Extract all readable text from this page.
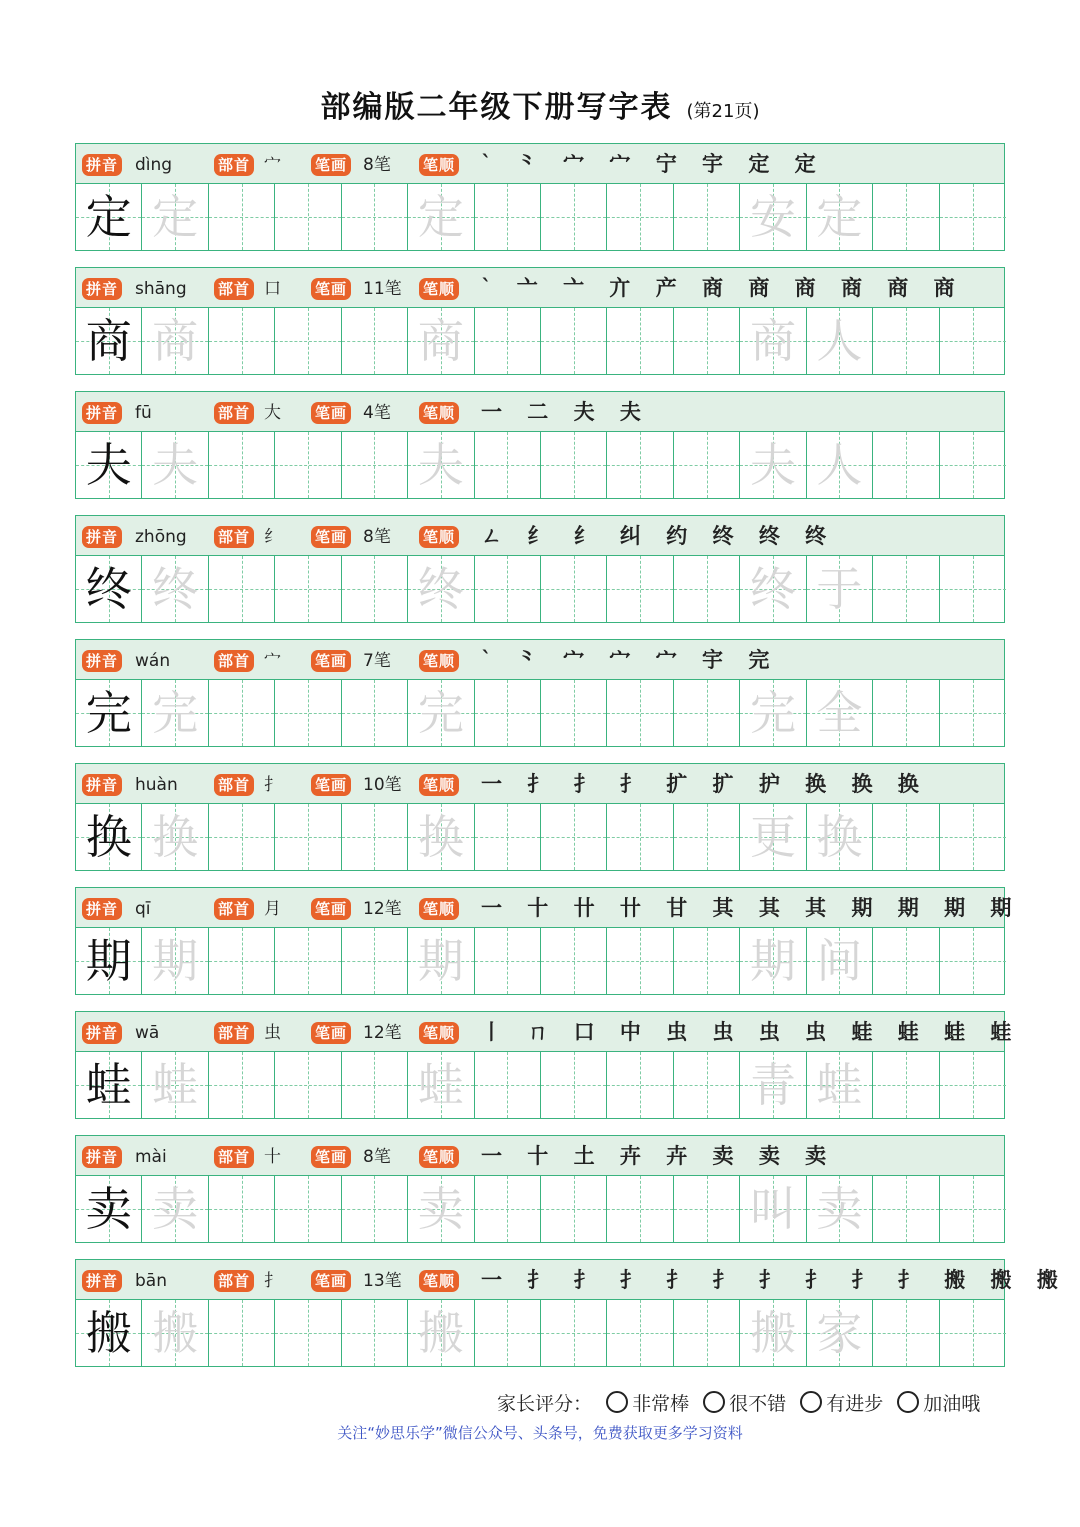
部编版二年级下册写字表 (第21页)
拼音 dìng	部首 宀 笔画 8笔 笔顺 ` ⺀ 宀 宀 宁 宇 定 定
定 定	定	安 定
拼音 shāng 部首 口 笔画 11笔 笔顺 ` 亠 亠 亣 产 商 商 商 商 商 商
商 商	商	商 人
拼音 fū	部首 大 笔画 4笔 笔顺 一 二 夫 夫
夫 夫	夫	夫 人
拼音 zhōng 部首 纟 笔画 8笔 笔顺 ㄥ 纟 纟 纠 约 终 终 终
终 终	终	终 于
拼音 wán	部首 宀 笔画 7笔 笔顺 ` ⺀ 宀 宀 宀 宇 完
完 完	完	完 全
拼音 huàn	部首 扌 笔画 10笔 笔顺 一 扌 扌 扌 扩 扩 护 换 换 换
换 换	换	更 换
拼音 qī	部首 月 笔画 12笔 笔顺 一 十 卄 卄 甘 其 其 其 期 期 期 期
期 期	期	期 间
拼音 wā	部首 虫 笔画 12笔 笔顺 丨 ㄇ 口 中 虫 虫 虫 虫 蛙 蛙 蛙 蛙
蛙 蛙	蛙	青 蛙
拼音 mài	部首 十 笔画 8笔 笔顺 一 十 土 卉 卉 卖 卖 卖
卖 卖	卖	叫 卖
拼音 bān	部首 扌 笔画 13笔 笔顺 一 扌 扌 扌 扌 扌 扌 扌 扌 扌 搬 搬 搬
搬 搬	搬	搬 家
家长评分： 非常棒 很不错 有进步 加油哦
关注“妙思乐学”微信公众号、头条号，免费获取更多学习资料
